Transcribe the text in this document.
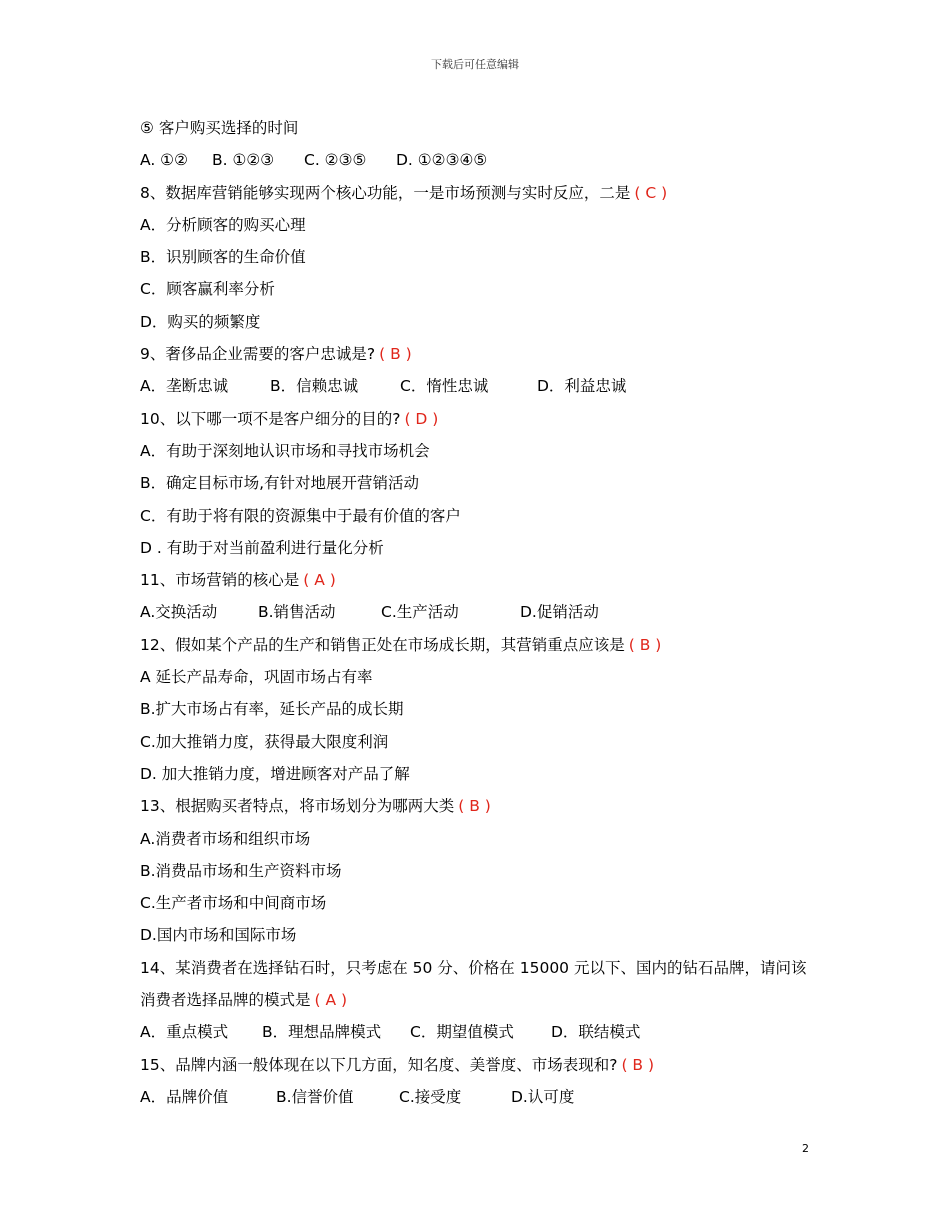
下载后可任意编辑
⑤ 客户购买选择的时间
A. ①② B. ①②③ C. ②③⑤ D. ①②③④⑤
8、数据库营销能够实现两个核心功能，一是市场预测与实时反应，二是 ( C )
A．分析顾客的购买心理
B．识别顾客的生命价值
C．顾客赢利率分析
D．购买的频繁度
9、奢侈品企业需要的客户忠诚是? ( B )
A．垄断忠诚	B．信赖忠诚	C．惰性忠诚	D．利益忠诚
10、以下哪一项不是客户细分的目的? ( D )
A．有助于深刻地认识市场和寻找市场机会
B．确定目标市场,有针对地展开营销活动
C．有助于将有限的资源集中于最有价值的客户
D . 有助于对当前盈利进行量化分析
11、市场营销的核心是 ( A )
A.交换活动	B.销售活动	C.生产活动	D.促销活动
12、假如某个产品的生产和销售正处在市场成长期，其营销重点应该是 ( B )
A 延长产品寿命，巩固市场占有率
B.扩大市场占有率，延长产品的成长期
C.加大推销力度，获得最大限度利润
D. 加大推销力度，增进顾客对产品了解
13、根据购买者特点，将市场划分为哪两大类 ( B )
A.消费者市场和组织市场
B.消费品市场和生产资料市场
C.生产者市场和中间商市场
D.国内市场和国际市场
14、某消费者在选择钻石时，只考虑在 50 分、价格在 15000 元以下、国内的钻石品牌，请问该消费者选择品牌的模式是 ( A )
A．重点模式 B．理想品牌模式 C．期望值模式 D．联结模式
15、品牌内涵一般体现在以下几方面，知名度、美誉度、市场表现和? ( B )
A．品牌价值	B.信誉价值	C.接受度	D.认可度
2
